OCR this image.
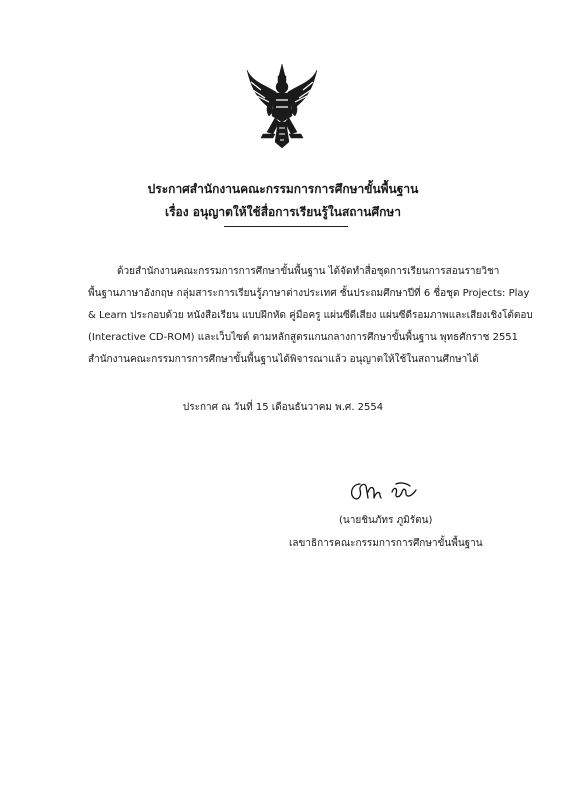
ประกาศสำนักงานคณะกรรมการการศึกษาขั้นพื้นฐาน
เรื่อง อนุญาตให้ใช้สื่อการเรียนรู้ในสถานศึกษา
ด้วยสำนักงานคณะกรรมการการศึกษาขั้นพื้นฐาน ได้จัดทำสื่อชุดการเรียนการสอนรายวิชา
พื้นฐานภาษาอังกฤษ กลุ่มสาระการเรียนรู้ภาษาต่างประเทศ ชั้นประถมศึกษาปีที่ 6 ชื่อชุด Projects: Play
& Learn ประกอบด้วย หนังสือเรียน แบบฝึกหัด คู่มือครู แผ่นซีดีเสียง แผ่นซีดีรอมภาพและเสียงเชิงโต้ตอบ
(Interactive CD-ROM) และเว็บไซต์ ตามหลักสูตรแกนกลางการศึกษาขั้นพื้นฐาน พุทธศักราช 2551
สำนักงานคณะกรรมการการศึกษาขั้นพื้นฐานได้พิจารณาแล้ว อนุญาตให้ใช้ในสถานศึกษาได้
ประกาศ ณ วันที่ 15 เดือนธันวาคม พ.ศ. 2554
(นายชินภัทร ภูมิรัตน)
เลขาธิการคณะกรรมการการศึกษาขั้นพื้นฐาน
